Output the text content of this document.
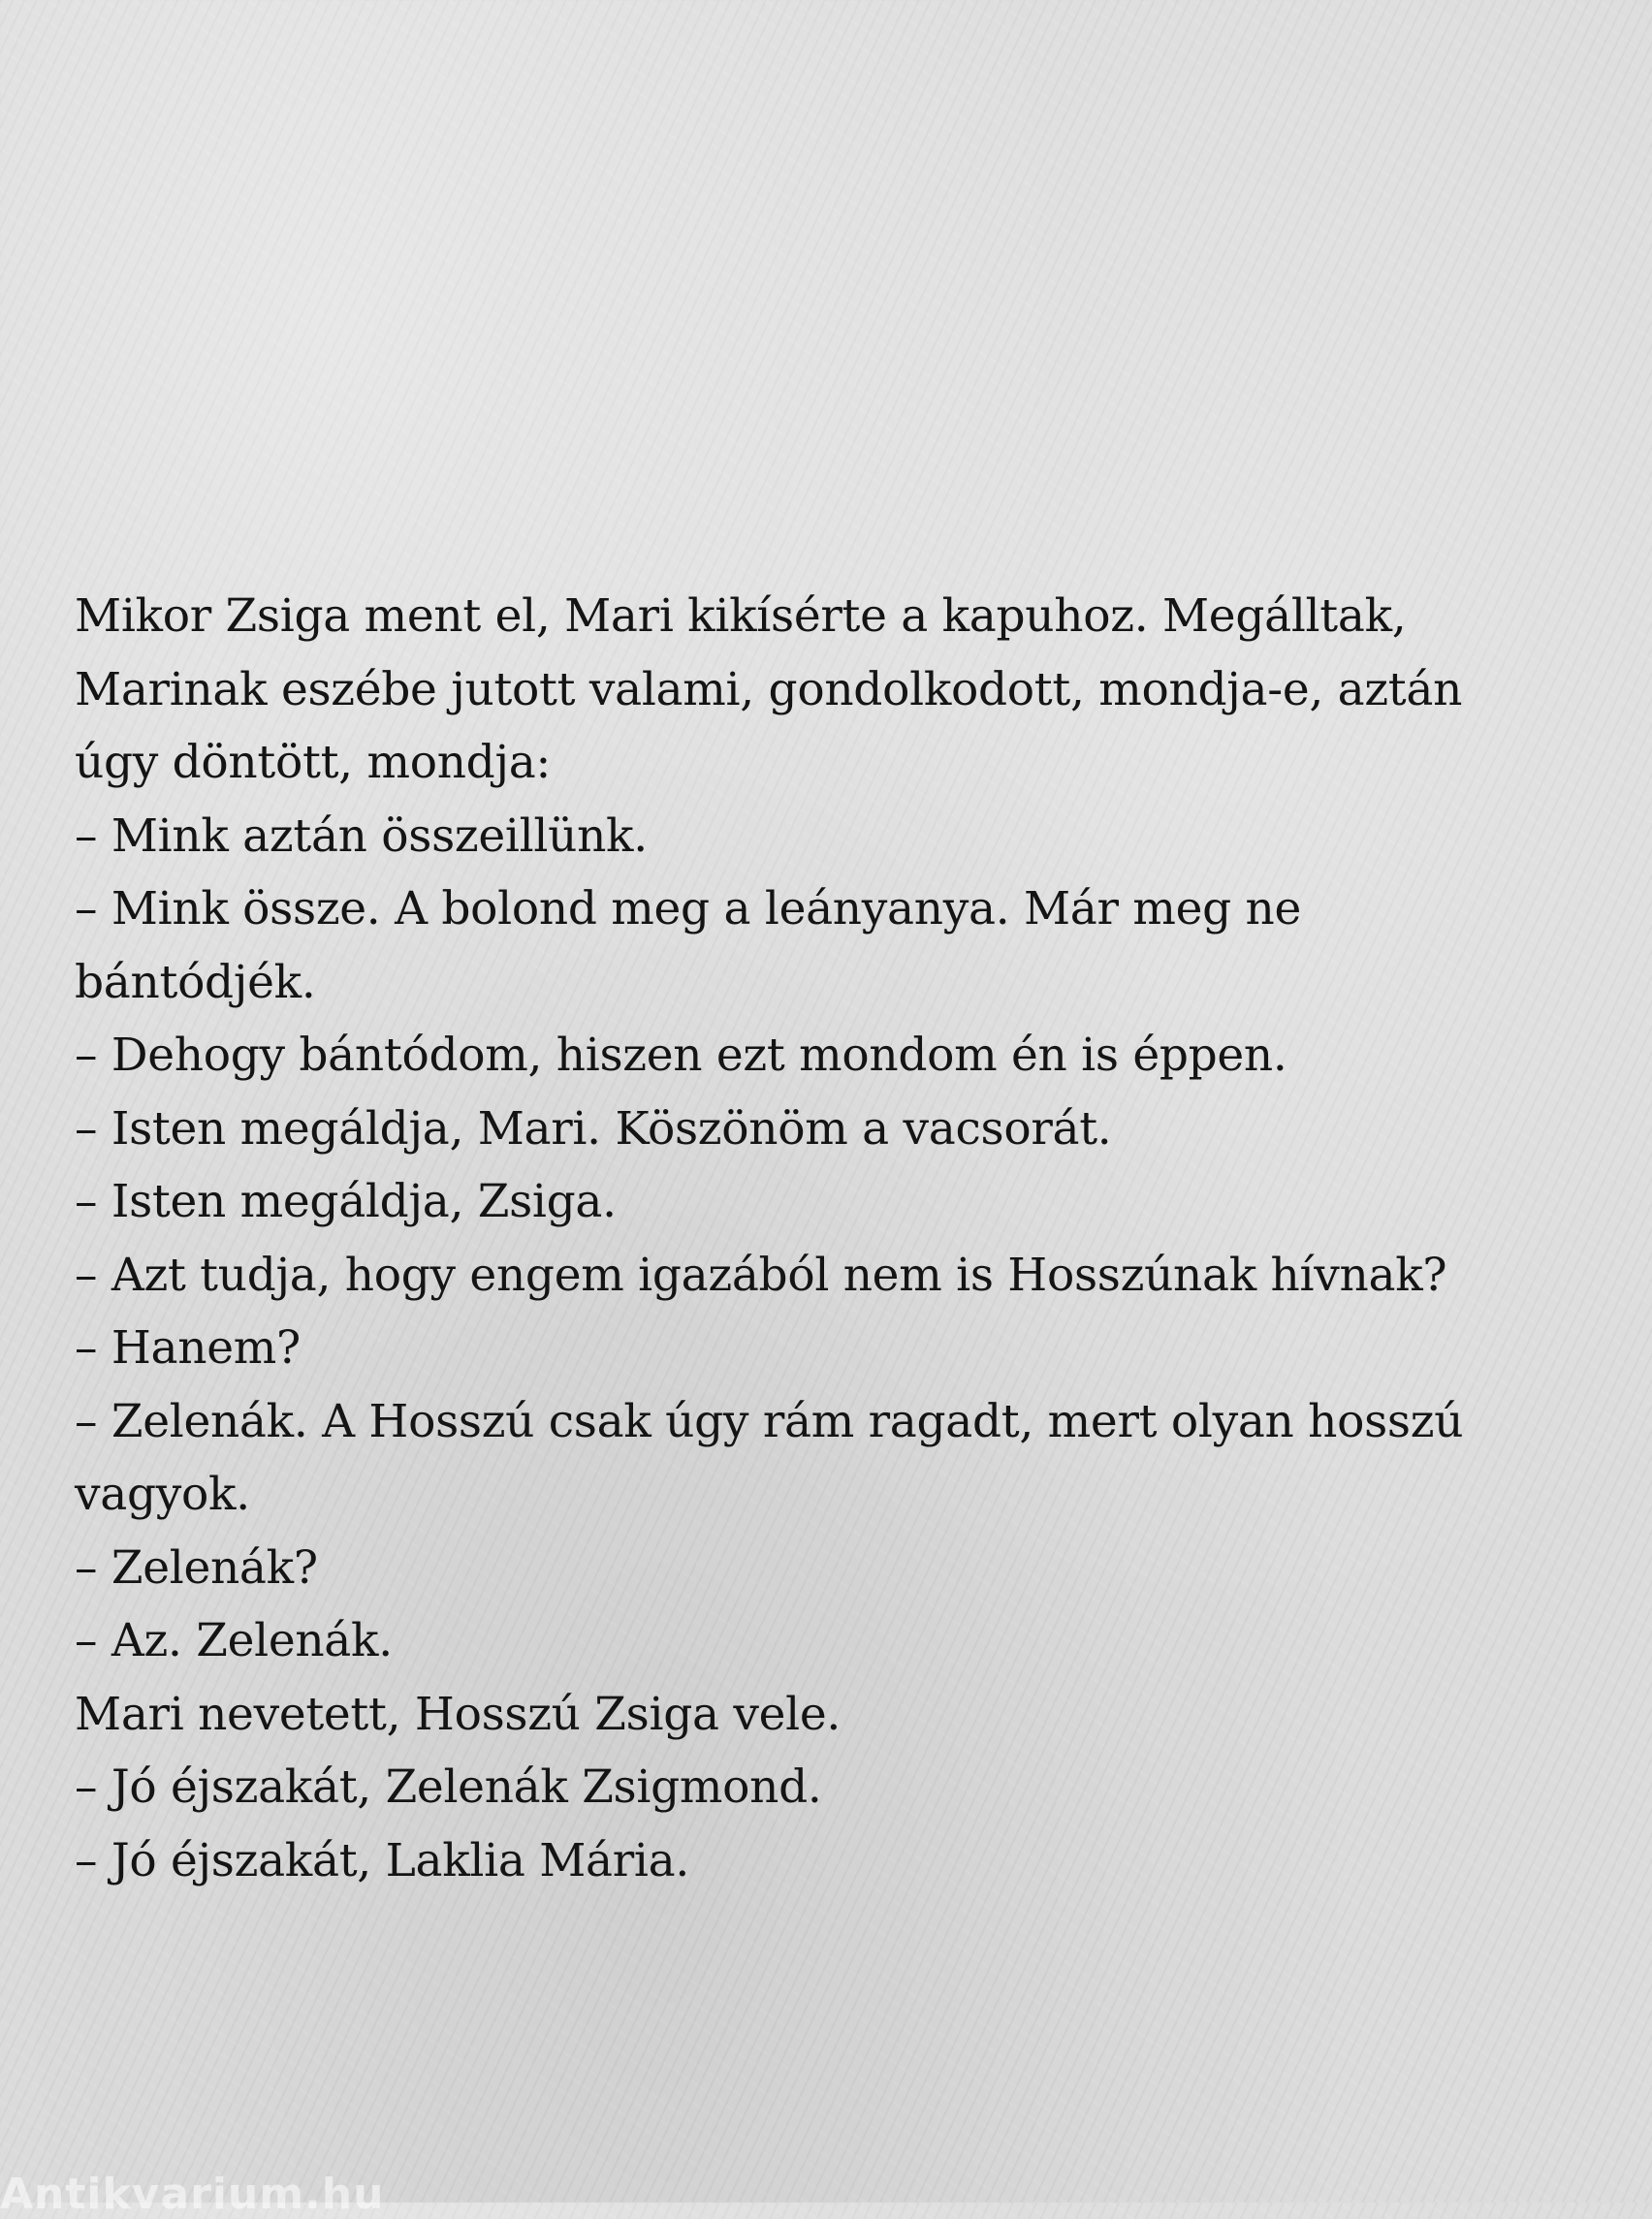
Mikor Zsiga ment el, Mari kikísérte a kapuhoz. Megálltak,
Marinak eszébe jutott valami, gondolkodott, mondja-e, aztán
úgy döntött, mondja:
– Mink aztán összeillünk.
– Mink össze. A bolond meg a leányanya. Már meg ne
bántódjék.
– Dehogy bántódom, hiszen ezt mondom én is éppen.
– Isten megáldja, Mari. Köszönöm a vacsorát.
– Isten megáldja, Zsiga.
– Azt tudja, hogy engem igazából nem is Hosszúnak hívnak?
– Hanem?
– Zelenák. A Hosszú csak úgy rám ragadt, mert olyan hosszú
vagyok.
– Zelenák?
– Az. Zelenák.
Mari nevetett, Hosszú Zsiga vele.
– Jó éjszakát, Zelenák Zsigmond.
– Jó éjszakát, Laklia Mária.
Antikvarium.hu
